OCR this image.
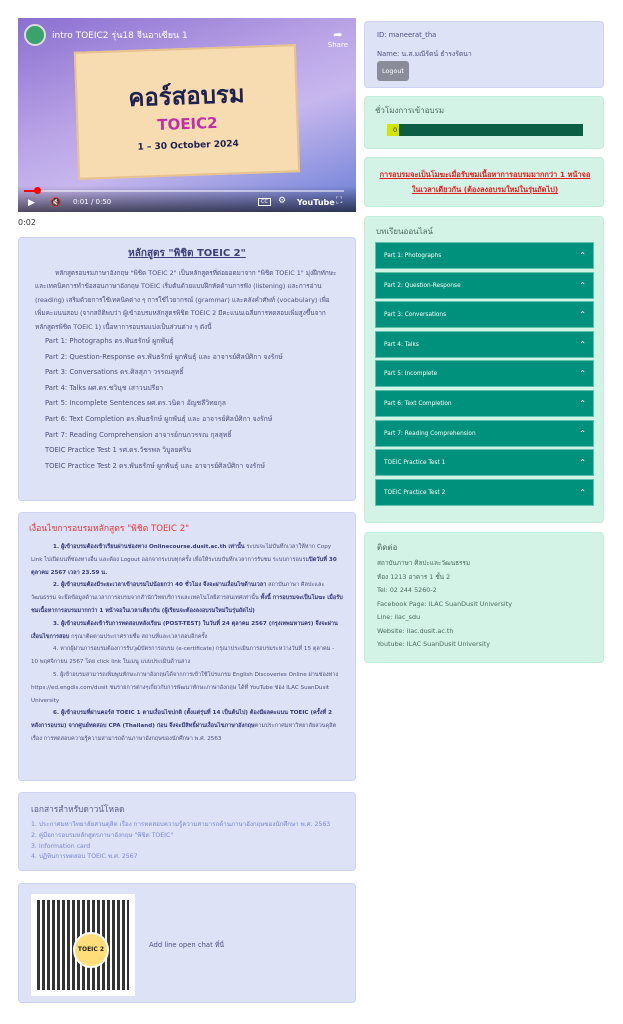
intro TOEIC2 รุ่น18 จีนอาเซียน 1	➦
Share
คอร์สอบรม
TOEIC2
1 – 30 October 2024
▶ 🔇 0:01 / 0:50	CC	⚙ YouTube ⛶
0:02
หลักสูตร "พิชิต TOEIC 2"
หลักสูตรอบรมภาษาอังกฤษ "พิชิต TOEIC 2" เป็นหลักสูตรที่ต่อยอดมาจาก "พิชิต TOEIC 1" มุ่งฝึกทักษะและเทคนิคการทำข้อสอบภาษาอังกฤษ TOEIC เริ่มต้นด้วยแบบฝึกหัดด้านการฟัง (listening) และการอ่าน (reading) เสริมด้วยการใช้เทคนิคต่าง ๆ การใช้ไวยากรณ์ (grammar) และคลังคำศัพท์ (vocabulary) เพื่อเพิ่มคะแนนสอบ (จากสถิติพบว่า ผู้เข้าอบรมหลักสูตรพิชิต TOEIC 2 มีคะแนนเฉลี่ยการทดสอบเพิ่มสูงขึ้นจากหลักสูตรพิชิต TOEIC 1) เนื้อหาการอบรมแบ่งเป็นส่วนต่าง ๆ ดังนี้
Part 1: Photographs ดร.พันธรักษ์ ผูกพันธุ์
Part 2: Question-Response ดร.พันธรักษ์ ผูกพันธุ์ และ อาจารย์ศิลป์ศิกา จงรักษ์
Part 3: Conversations ดร.ศิลสุภา วรรณสุทธิ์
Part 4: Talks ผศ.ดร.ชวินุช เสาวนปรียา
Part 5: Incomplete Sentences ผศ.ดร.วนิดา อัญชลีวิทยกุล
Part 6: Text Completion ดร.พันธรักษ์ ผูกพันธุ์ และ อาจารย์ศิลป์ศิกา จงรักษ์
Part 7: Reading Comprehension อาจารย์กนกวรรณ กุลสุทธิ์
TOEIC Practice Test 1 รศ.ดร.วัชรพล วิบูลยศริน
TOEIC Practice Test 2 ดร.พันธรักษ์ ผูกพันธุ์ และ อาจารย์ศิลป์ศิกา จงรักษ์
เงื่อนไขการอบรมหลักสูตร "พิชิต TOEIC 2"

1. ผู้เข้าอบรมต้องเข้าเรียนผ่านช่องทาง Onlinecourse.dusit.ac.th เท่านั้น ระบบจะไม่บันทึกเวลาให้หาก Copy Link ไปเปิดบนที่ช่องทางอื่น และต้อง Logout ออกจากระบบทุกครั้ง เพื่อให้ระบบบันทึกเวลาการรับชม ระบบการอบรมปิดวันที่ 30 ตุลาคม 2567 เวลา 23.59 น.

2. ผู้เข้าอบรมต้องมีระยะเวลาเข้าอบรมไม่น้อยกว่า 40 ชั่วโมง จึงจะผ่านเงื่อนไขด้านเวลา สถาบันภาษา ศิลปะและวัฒนธรรม จะยึดข้อมูลด้านเวลาการอบรมจากสำนักวิทยบริการและเทคโนโลยีสารสนเทศเท่านั้น ทั้งนี้ การอบรมจะเป็นโมฆะ เมื่อรับชมเนื้อหาการอบรมมากกว่า 1 หน้าจอในเวลาเดียวกัน (ผู้เรียนจะต้องลงอบรมใหม่ในรุ่นถัดไป)

3. ผู้เข้าอบรมต้องเข้ารับการทดสอบหลังเรียน (POST-TEST) ในวันที่ 24 ตุลาคม 2567 (กรุงเทพมหานคร) จึงจะผ่านเงื่อนไขการสอบ กรุณาติดตามประกาศรายชื่อ สถานที่และเวลาสอบอีกครั้ง

4. หากผู้ผ่านการอบรมต้องการรับวุฒิบัตรการอบรม (e-certificate) กรุณาประเมินการอบรมระหว่างวันที่ 15 ตุลาคม - 10 พฤศจิกายน 2567 โดย click link ในเมนู แบบประเมินด้านล่าง

5. ผู้เข้าอบรมสามารถเพิ่มพูนทักษะภาษาอังกฤษได้จากการเข้าใช้โปรแกรม English Discoveries Online ผ่านช่องทาง https://ed.engdis.com/dusit ชมรายการต่างๆเกี่ยวกับการพัฒนาทักษะภาษาอังกฤษ ได้ที่ YouTube ช่อง ILAC SuanDusit University

6. ผู้เข้าอบรมที่ผ่านคอร์ส TOEIC 1 ตามเงื่อนไขปกติ (ตั้งแต่รุ่นที่ 14 เป็นต้นไป) ต้องมีผลคะแนน TOEIC (ครั้งที่ 2 หลังการอบรม) จากศูนย์ทดสอบ CPA (Thailand) ก่อน จึงจะมีสิทธิ์ผ่านเงื่อนไขภาษาอังกฤษตามประกาศมหาวิทยาลัยสวนดุสิต เรื่อง การทดสอบความรู้ความสามารถด้านภาษาอังกฤษของนักศึกษา พ.ศ. 2563

เอกสารสำหรับดาวน์โหลด
1. ประกาศมหาวิทยาลัยสวนดุสิต เรื่อง การทดสอบความรู้ความสามารถด้านภาษาอังกฤษของนักศึกษา พ.ศ. 2563
2. คู่มือการอบรมหลักสูตรภาษาอังกฤษ "พิชิต TOEIC"
3. Information card
4. ปฏิทินการทดสอบ TOEIC พ.ศ. 2567
TOEIC 2
Add line open chat ที่นี่
ID: maneerat_tha
Name: น.ส.มณีรัตน์ ธำรงรัตนา
Logout
ชั่วโมงการเข้าอบรม
0
การอบรมจะเป็นโมฆะเมื่อรับชมเนื้อหาการอบรมมากกว่า 1 หน้าจอในเวลาเดียวกัน (ต้องลงอบรมใหม่ในรุ่นถัดไป)
บทเรียนออนไลน์
Part 1: Photographs	⌃
Part 2: Question-Response	⌃
Part 3: Conversations	⌃
Part 4: Talks	⌃
Part 5: Incomplete	⌃
Part 6: Text Completion	⌃
Part 7: Reading Comprehension	⌃
TOEIC Practice Test 1	⌃
TOEIC Practice Test 2	⌃
ติดต่อ

สถาบันภาษา ศิลปะและวัฒนธรรม

ห้อง 1213 อาคาร 1 ชั้น 2

Tel: 02 244 5260-2

Facebook Page: ILAC SuanDusit University

Line: ilac_sdu

Website: ilac.dusit.ac.th

Youtube: ILAC SuanDusit University
